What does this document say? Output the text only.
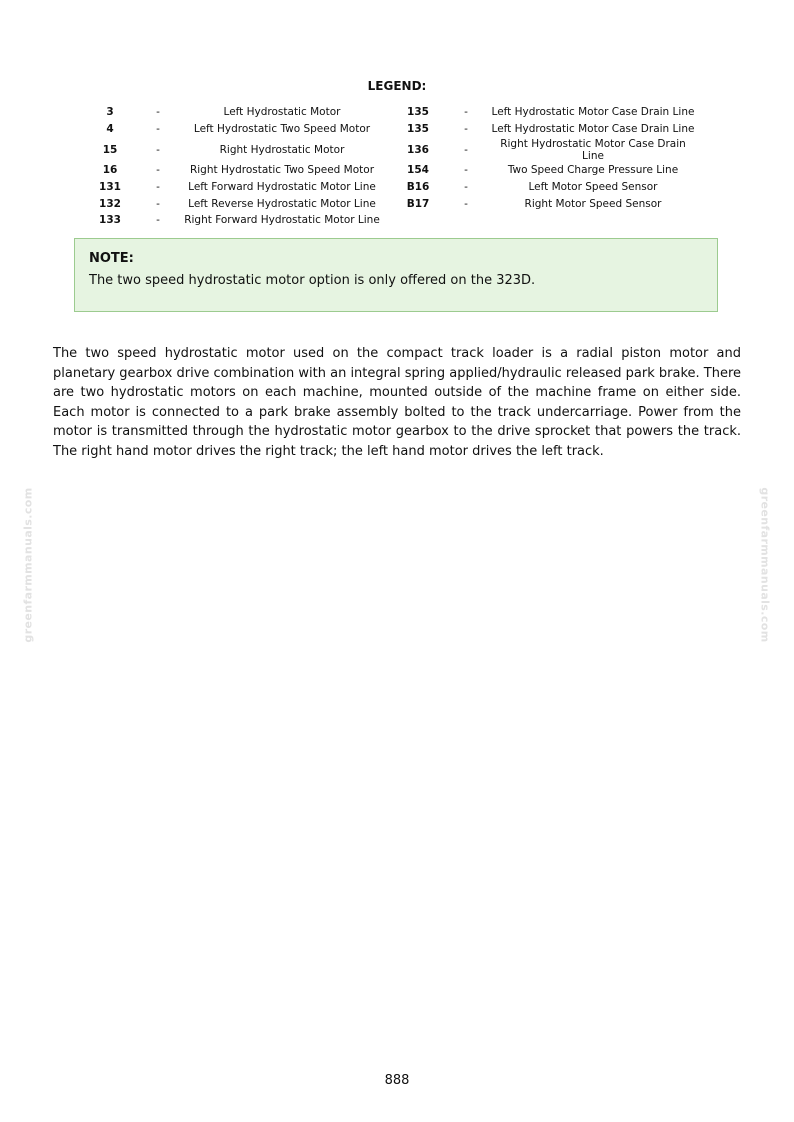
LEGEND:
3	-	Left Hydrostatic Motor		135	-	Left Hydrostatic Motor Case Drain Line
4	-	Left Hydrostatic Two Speed Motor		135	-	Left Hydrostatic Motor Case Drain Line
15	-	Right Hydrostatic Motor		136	-	Right Hydrostatic Motor Case Drain Line
16	-	Right Hydrostatic Two Speed Motor		154	-	Two Speed Charge Pressure Line
131	-	Left Forward Hydrostatic Motor Line		B16	-	Left Motor Speed Sensor
132	-	Left Reverse Hydrostatic Motor Line		B17	-	Right Motor Speed Sensor
133	-	Right Forward Hydrostatic Motor Line				
NOTE:
The two speed hydrostatic motor option is only offered on the 323D.

The two speed hydrostatic motor used on the compact track loader is a radial piston motor and planetary gearbox drive combination with an integral spring applied/hydraulic released park brake. There are two hydrostatic motors on each machine, mounted outside of the machine frame on either side. Each motor is connected to a park brake assembly bolted to the track undercarriage. Power from the motor is transmitted through the hydrostatic motor gearbox to the drive sprocket that powers the track. The right hand motor drives the right track; the left hand motor drives the left track.

greenfarmmanuals.com	greenfarmmanuals.com
888
